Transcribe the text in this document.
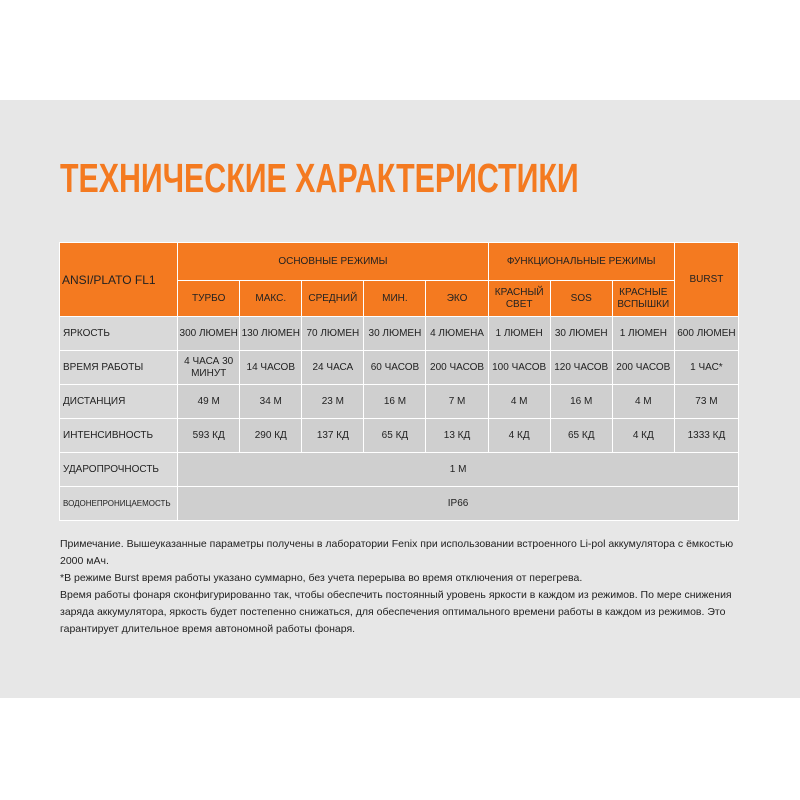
ТЕХНИЧЕСКИЕ ХАРАКТЕРИСТИКИ
ANSI/PLATO FL1	ОСНОВНЫЕ РЕЖИМЫ					ФУНКЦИОНАЛЬНЫЕ РЕЖИМЫ			BURST
	ТУРБО	МАКС.	СРЕДНИЙ	МИН.	ЭКО	КРАСНЫЙ СВЕТ	SOS	КРАСНЫЕ ВСПЫШКИ	
ЯРКОСТЬ	300 ЛЮМЕН	130 ЛЮМЕН	70 ЛЮМЕН	30 ЛЮМЕН	4 ЛЮМЕНА	1 ЛЮМЕН	30 ЛЮМЕН	1 ЛЮМЕН	600 ЛЮМЕН
ВРЕМЯ РАБОТЫ	4 ЧАСА 30 МИНУТ	14 ЧАСОВ	24 ЧАСА	60 ЧАСОВ	200 ЧАСОВ	100 ЧАСОВ	120 ЧАСОВ	200 ЧАСОВ	1 ЧАС*
ДИСТАНЦИЯ	49 М	34 М	23 М	16 М	7 М	4 М	16 М	4 М	73 М
ИНТЕНСИВНОСТЬ	593 КД	290 КД	137 КД	65 КД	13 КД	4 КД	65 КД	4 КД	1333 КД
УДАРОПРОЧНОСТЬ	1 М								
ВОДОНЕПРОНИЦАЕМОСТЬ	IP66								

Примечание. Вышеуказанные параметры получены в лаборатории Fenix при использовании встроенного Li-pol аккумулятора с ёмкостью 2000 мАч.

*В режиме Burst время работы указано суммарно, без учета перерыва во время отключения от перегрева.

Время работы фонаря сконфигурированно так, чтобы обеспечить постоянный уровень яркости в каждом из режимов. По мере снижения заряда аккумулятора, яркость будет постепенно снижаться, для обеспечения оптимального времени работы в каждом из режимов. Это гарантирует длительное время автономной работы фонаря.
